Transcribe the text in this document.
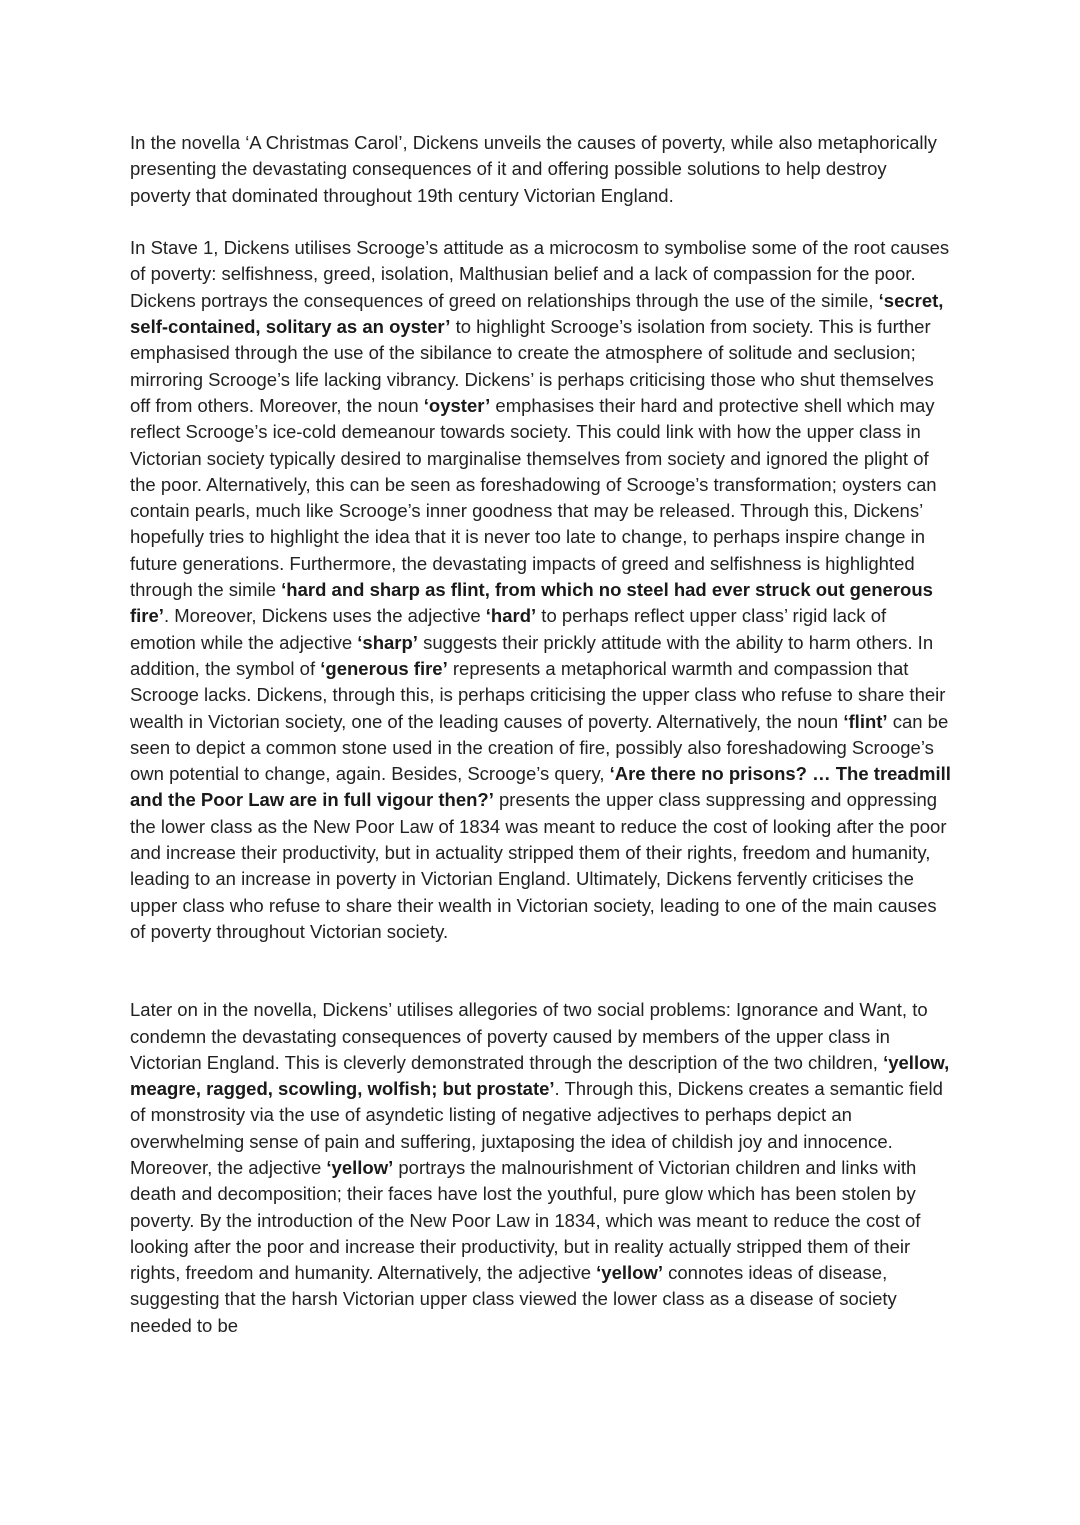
In the novella ‘A Christmas Carol’, Dickens unveils the causes of poverty, while also metaphorically presenting the devastating consequences of it and offering possible solutions to help destroy poverty that dominated throughout 19th century Victorian England.

In Stave 1, Dickens utilises Scrooge’s attitude as a microcosm to symbolise some of the root causes of poverty: selfishness, greed, isolation, Malthusian belief and a lack of compassion for the poor. Dickens portrays the consequences of greed on relationships through the use of the simile, ‘secret, self-contained, solitary as an oyster’ to highlight Scrooge’s isolation from society. This is further emphasised through the use of the sibilance to create the atmosphere of solitude and seclusion; mirroring Scrooge’s life lacking vibrancy. Dickens’ is perhaps criticising those who shut themselves off from others. Moreover, the noun ‘oyster’ emphasises their hard and protective shell which may reflect Scrooge’s ice-cold demeanour towards society. This could link with how the upper class in Victorian society typically desired to marginalise themselves from society and ignored the plight of the poor. Alternatively, this can be seen as foreshadowing of Scrooge’s transformation; oysters can contain pearls, much like Scrooge’s inner goodness that may be released. Through this, Dickens’ hopefully tries to highlight the idea that it is never too late to change, to perhaps inspire change in future generations. Furthermore, the devastating impacts of greed and selfishness is highlighted through the simile ‘hard and sharp as flint, from which no steel had ever struck out generous fire’. Moreover, Dickens uses the adjective ‘hard’ to perhaps reflect upper class’ rigid lack of emotion while the adjective ‘sharp’ suggests their prickly attitude with the ability to harm others. In addition, the symbol of ‘generous fire’ represents a metaphorical warmth and compassion that Scrooge lacks. Dickens, through this, is perhaps criticising the upper class who refuse to share their wealth in Victorian society, one of the leading causes of poverty. Alternatively, the noun ‘flint’ can be seen to depict a common stone used in the creation of fire, possibly also foreshadowing Scrooge’s own potential to change, again. Besides, Scrooge’s query, ‘Are there no prisons? … The treadmill and the Poor Law are in full vigour then?’ presents the upper class suppressing and oppressing the lower class as the New Poor Law of 1834 was meant to reduce the cost of looking after the poor and increase their productivity, but in actuality stripped them of their rights, freedom and humanity, leading to an increase in poverty in Victorian England. Ultimately, Dickens fervently criticises the upper class who refuse to share their wealth in Victorian society, leading to one of the main causes of poverty throughout Victorian society.

Later on in the novella, Dickens’ utilises allegories of two social problems: Ignorance and Want, to condemn the devastating consequences of poverty caused by members of the upper class in Victorian England. This is cleverly demonstrated through the description of the two children, ‘yellow, meagre, ragged, scowling, wolfish; but prostate’. Through this, Dickens creates a semantic field of monstrosity via the use of asyndetic listing of negative adjectives to perhaps depict an overwhelming sense of pain and suffering, juxtaposing the idea of childish joy and innocence. Moreover, the adjective ‘yellow’ portrays the malnourishment of Victorian children and links with death and decomposition; their faces have lost the youthful, pure glow which has been stolen by poverty. By the introduction of the New Poor Law in 1834, which was meant to reduce the cost of looking after the poor and increase their productivity, but in reality actually stripped them of their rights, freedom and humanity. Alternatively, the adjective ‘yellow’ connotes ideas of disease, suggesting that the harsh Victorian upper class viewed the lower class as a disease of society needed to be
